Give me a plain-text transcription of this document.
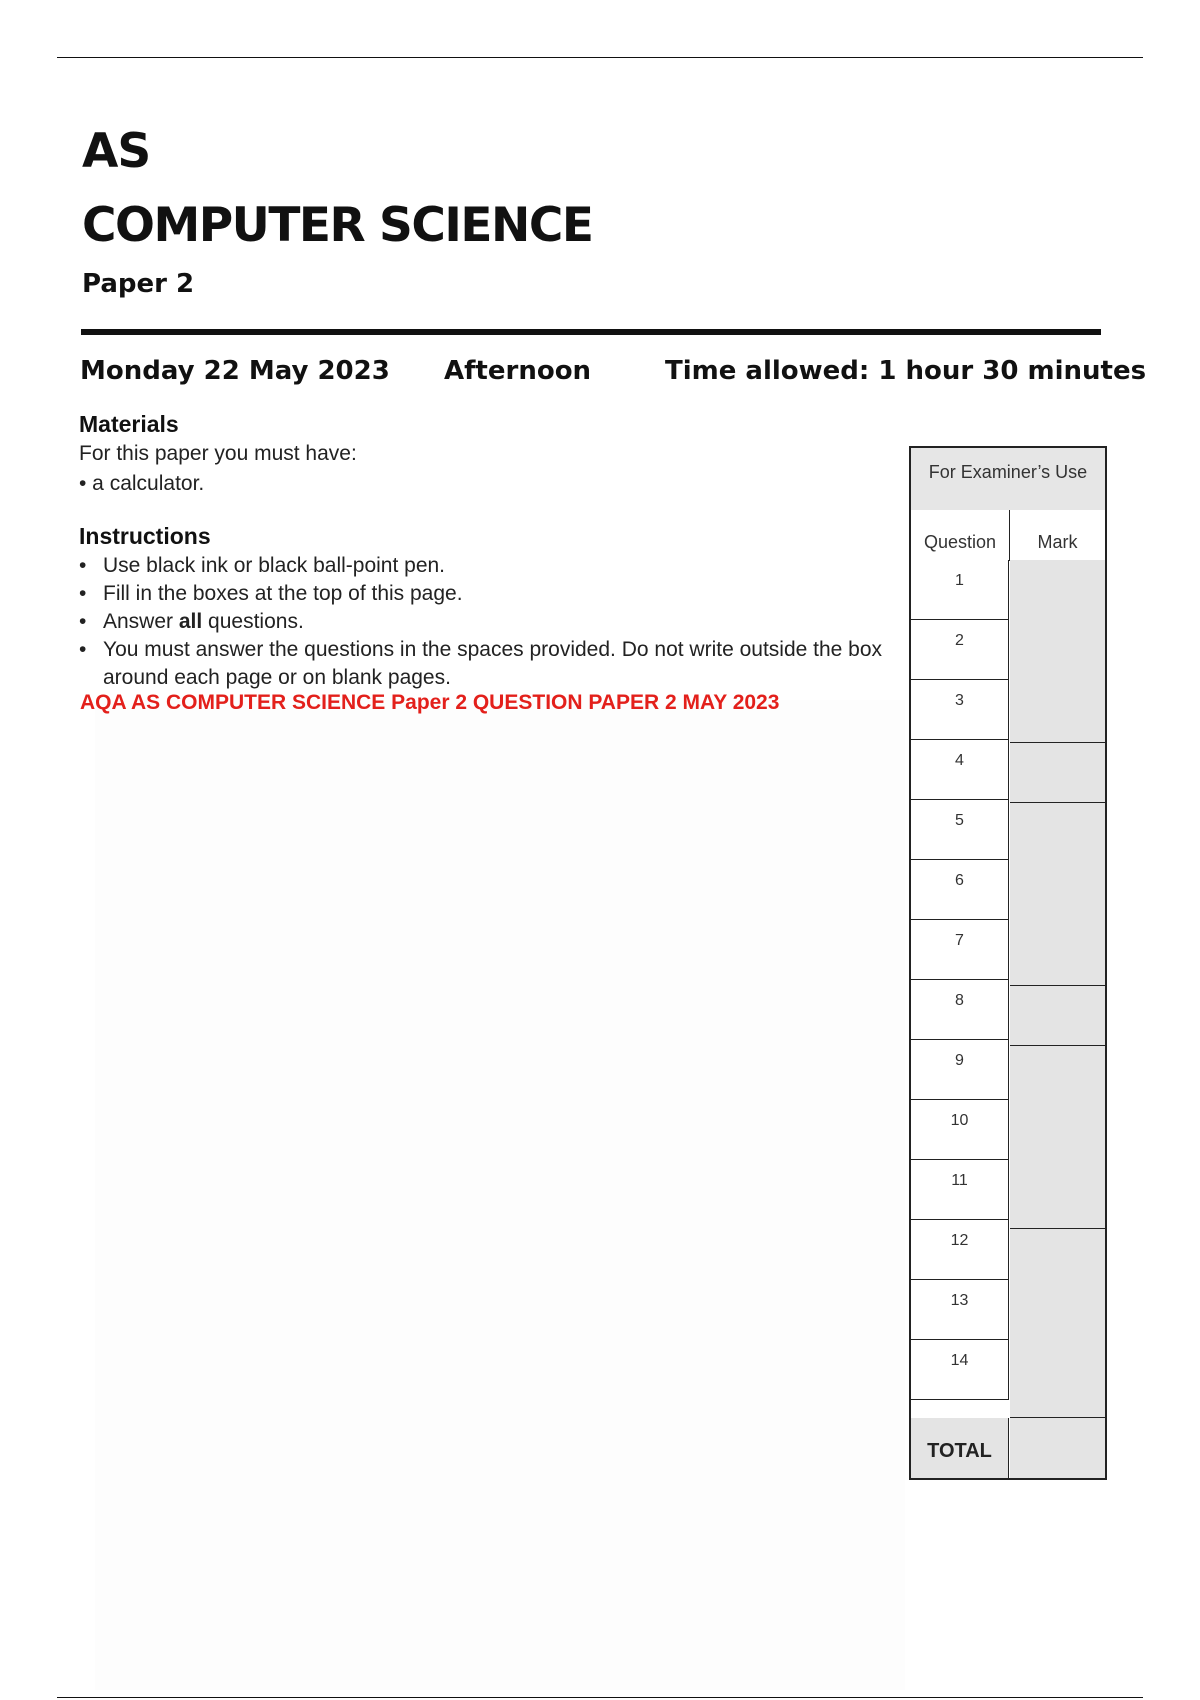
AS
COMPUTER SCIENCE
Paper 2
Monday 22 May 2023 Afternoon	Time allowed: 1 hour 30 minutes
Materials
For this paper you must have:
• a calculator.
Instructions
• Use black ink or black ball-point pen.
• Fill in the boxes at the top of this page.
• Answer all questions.
• You must answer the questions in the spaces provided. Do not write outside the box around each page or on blank pages.
AQA AS COMPUTER SCIENCE Paper 2 QUESTION PAPER 2 MAY 2023
For Examiner’s Use
Question	Mark
1
2
3
4
5
6
7
8
9
10
11
12
13
14
TOTAL
